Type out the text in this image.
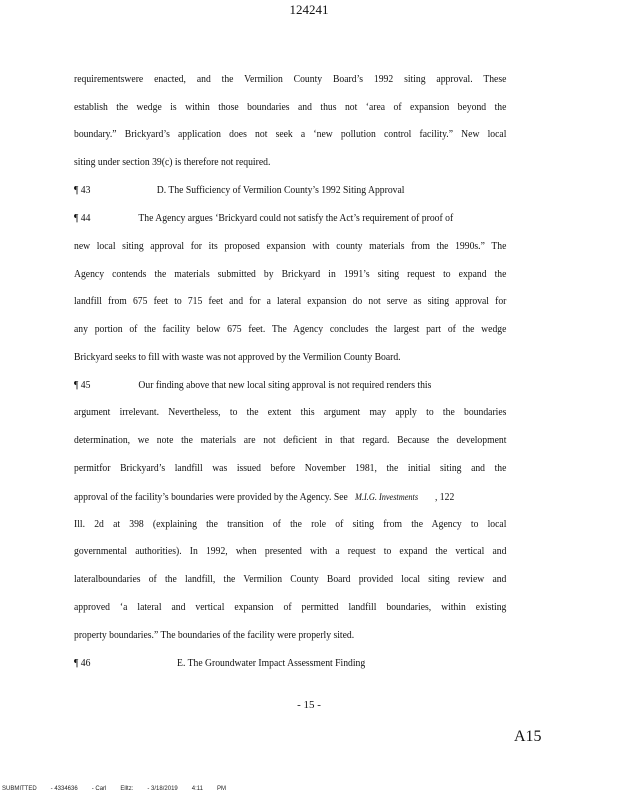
124241
requirementswere enacted, and the Vermilion County Board’s 1992 siting approval. These
establish the wedge is within those boundaries and thus not ‘area of expansion beyond the
boundary.” Brickyard’s application does not seek a ‘new pollution control facility.” New local
siting under section 39(c) is therefore not required.
¶ 43	D. The Sufficiency of Vermilion County’s 1992 Siting Approval
¶ 44	The Agency argues ‘Brickyard could not satisfy the Act’s requirement of proof of
new local siting approval for its proposed expansion with county materials from the 1990s.” The
Agency contends the materials submitted by Brickyard in 1991’s siting request to expand the
landfill from 675 feet to 715 feet and for a lateral expansion do not serve as siting approval for
any portion of the facility below 675 feet. The Agency concludes the largest part of the wedge
Brickyard seeks to fill with waste was not approved by the Vermilion County Board.
¶ 45	Our finding above that new local siting approval is not required renders this
argument irrelevant. Nevertheless, to the extent this argument may apply to the boundaries
determination, we note the materials are not deficient in that regard. Because the development
permitfor Brickyard’s landfill was issued before November 1981, the initial siting and the
approval of the facility’s boundaries were provided by the Agency. See M.I.G. Investments , 122
Ill. 2d at 398 (explaining the transition of the role of siting from the Agency to local
governmental authorities). In 1992, when presented with a request to expand the vertical and
lateralboundaries of the landfill, the Vermilion County Board provided local siting review and
approved ‘a lateral and vertical expansion of permitted landfill boundaries, within existing
property boundaries.” The boundaries of the facility were properly sited.
¶ 46	E. The Groundwater Impact Assessment Finding
- 15 -
A15
SUBMITTED - 4334636 - Carl Elltz: - 3/18/2019 4:11 PM
